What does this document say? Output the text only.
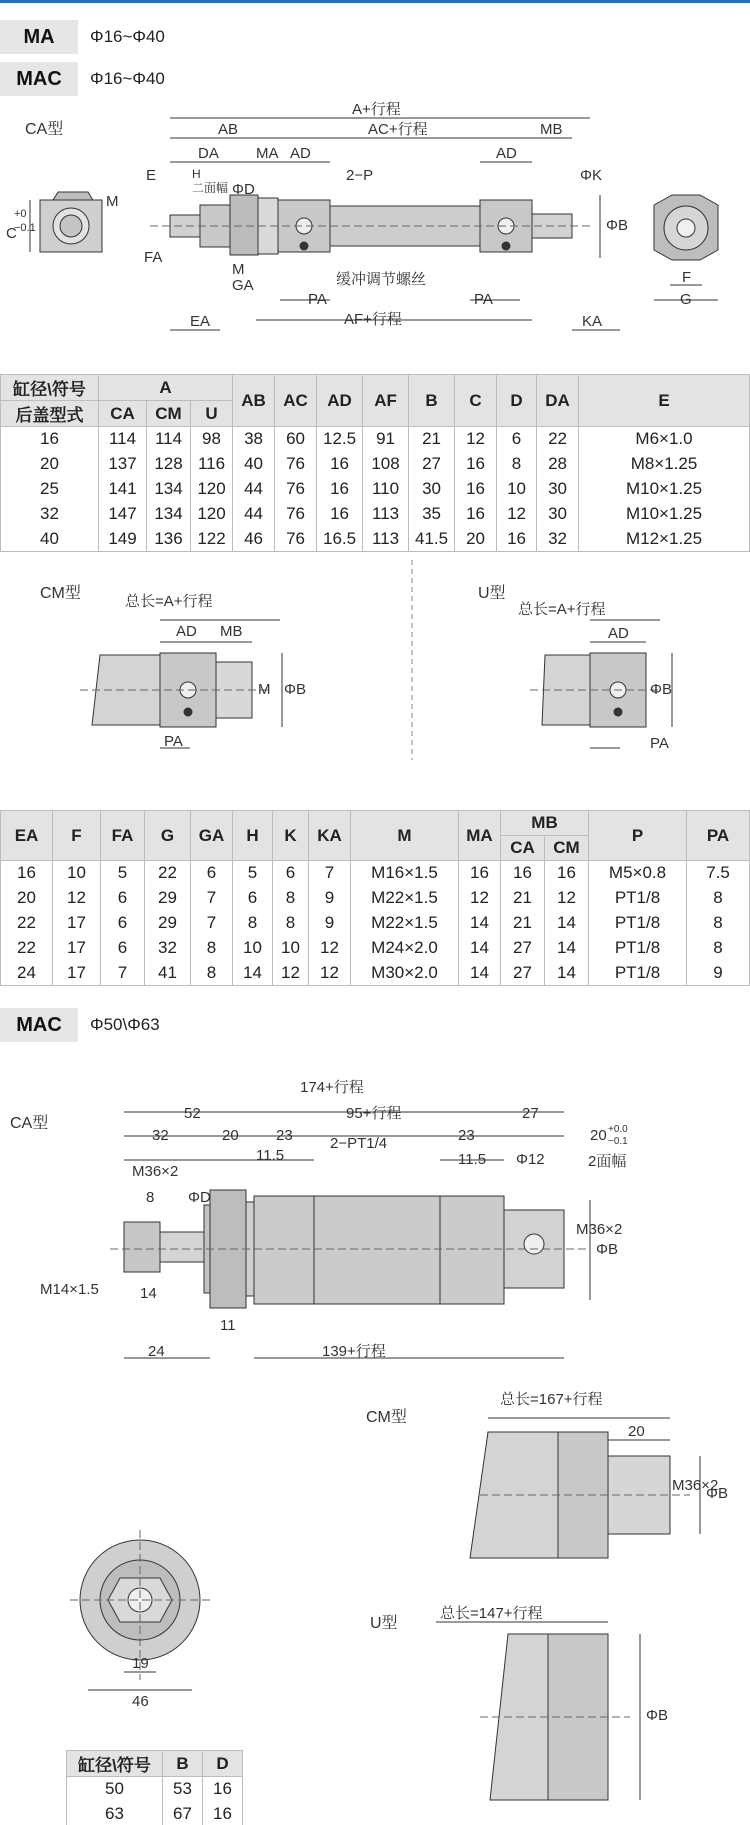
MA	Φ16~Φ40
MAC	Φ16~Φ40
CA型
A+行程
AB	AC+行程	MB
DA MA AD	AD
E	H
二面幅 ΦD
2−P	ΦK
ΦB
M
C
+0
−0.1
FA
M
GA
PA
缓冲调节螺丝
PA
EA	AF+行程	KA
F
G
缸径\符号	A			AB	AC	AD	AF	B	C	D	DA	E
后盖型式	CA	CM	U									
16	114	114	98	38	60	12.5	91	21	12	6	22	M6×1.0
20	137	128	116	40	76	16	108	27	16	8	28	M8×1.25
25	141	134	120	44	76	16	110	30	16	10	30	M10×1.25
32	147	134	120	44	76	16	113	35	16	12	30	M10×1.25
40	149	136	122	46	76	16.5	113	41.5	20	16	32	M12×1.25
CM型	总长=A+行程
AD MB
M ΦB
PA
U型
总长=A+行程
AD
ΦB
PA
EA	F	FA	G	GA	H	K	KA	M	MA	MB		P	PA
										CA	CM		
16	10	5	22	6	5	6	7	M16×1.5	16	16	16	M5×0.8	7.5
20	12	6	29	7	6	8	9	M22×1.5	12	21	12	PT1/8	8
22	17	6	29	7	8	8	9	M22×1.5	14	21	14	PT1/8	8
22	17	6	32	8	10	10	12	M24×2.0	14	27	14	PT1/8	8
24	17	7	41	8	14	12	12	M30×2.0	14	27	14	PT1/8	9
MAC	Φ50\Φ63
CA型
174+行程
52	95+行程	27
32	20 23	23
11.5	11.5
2−PT1/4
Φ12
20 +0.0
−0.1
2面幅
M36×2
ΦD
M36×2
ΦB
8
M14×1.5	14
11
24	139+行程
19
46
CM型
总长=167+行程
20
M36×2
ΦB
U型
总长=147+行程
ΦB
缸径\符号	B	D
50	53	16
63	67	16
